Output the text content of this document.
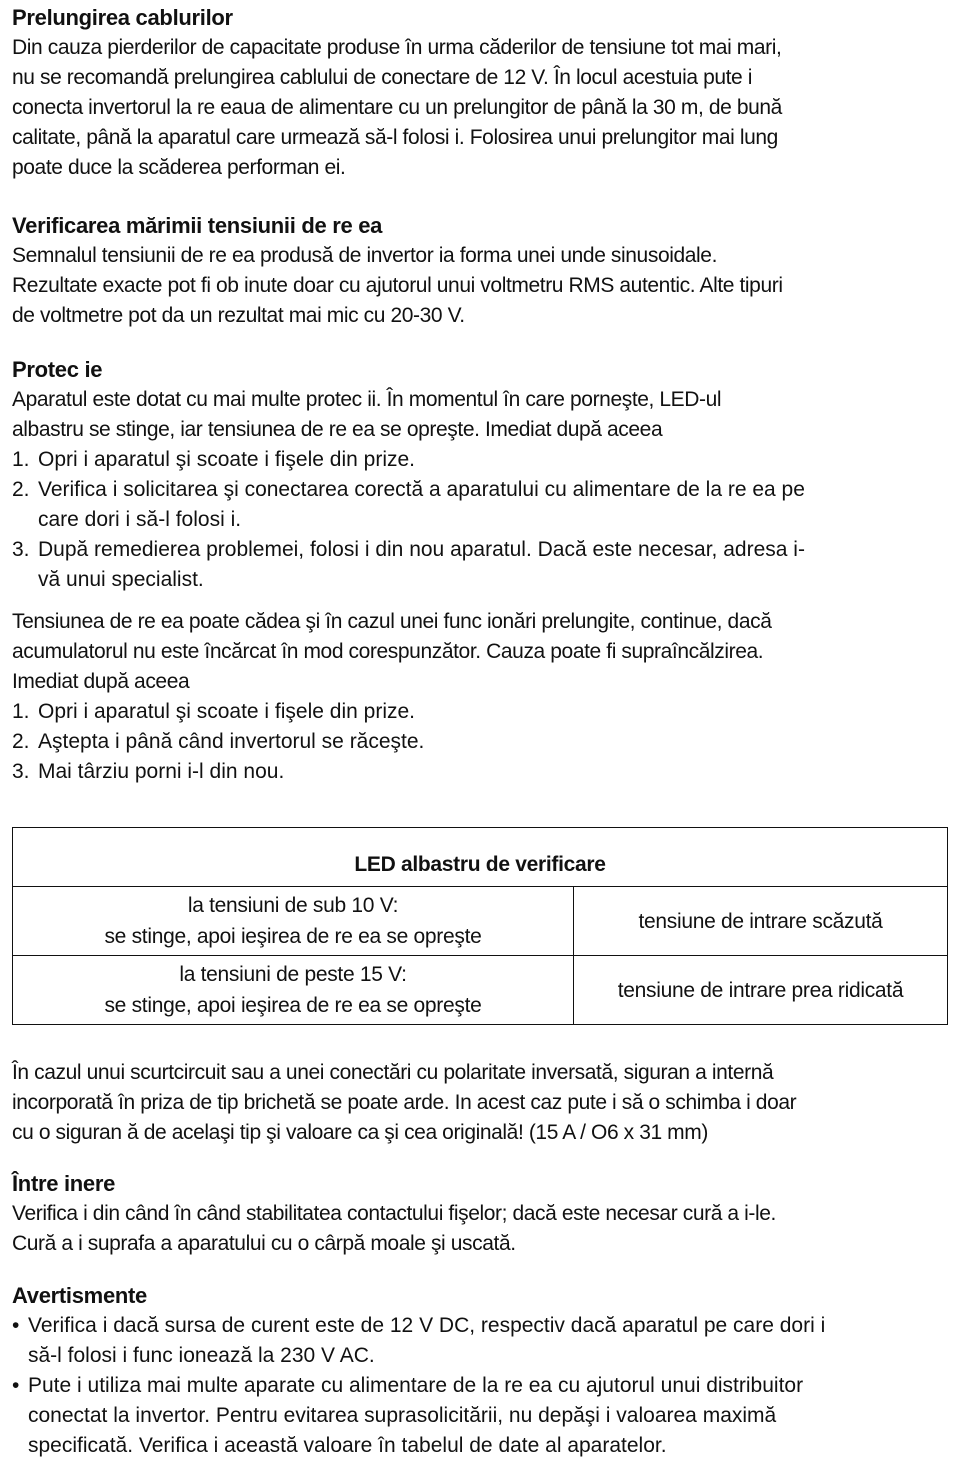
Prelungirea cablurilor

Din cauza pierderilor de capacitate produse în urma căderilor de tensiune tot mai mari,

nu se recomandă prelungirea cablului de conectare de 12 V. În locul acestuia pute i

conecta invertorul la re eaua de alimentare cu un prelungitor de până la 30 m, de bună

calitate, până la aparatul care urmează să-l folosi i. Folosirea unui prelungitor mai lung

poate duce la scăderea performan ei.

Verificarea mărimii tensiunii de re ea

Semnalul tensiunii de re ea produsă de invertor ia forma unei unde sinusoidale.

Rezultate exacte pot fi ob inute doar cu ajutorul unui voltmetru RMS autentic. Alte tipuri

de voltmetre pot da un rezultat mai mic cu 20-30 V.

Protec ie

Aparatul este dotat cu mai multe protec ii. În momentul în care porneşte, LED-ul

albastru se stinge, iar tensiunea de re ea se opreşte. Imediat după aceea

1. Opri i aparatul şi scoate i fişele din prize.
2. Verifica i solicitarea şi conectarea corectă a aparatului cu alimentare de la re ea pe
care dori i să-l folosi i.
3. După remedierea problemei, folosi i din nou aparatul. Dacă este necesar, adresa i-
vă unui specialist.

Tensiunea de re ea poate cădea şi în cazul unei func ionări prelungite, continue, dacă

acumulatorul nu este încărcat în mod corespunzător. Cauza poate fi supraîncălzirea.

Imediat după aceea

1. Opri i aparatul şi scoate i fişele din prize.
2. Aştepta i până când invertorul se răceşte.
3. Mai târziu porni i-l din nou.
LED albastru de verificare	

la tensiuni de sub 10 V:
se stinge, apoi ieşirea de re ea se opreşte	tensiune de intrare scăzută

la tensiuni de peste 15 V:
se stinge, apoi ieşirea de re ea se opreşte	tensiune de intrare prea ridicată

În cazul unui scurtcircuit sau a unei conectări cu polaritate inversată, siguran a internă

incorporată în priza de tip brichetă se poate arde. In acest caz pute i să o schimba i doar

cu o siguran ă de acelaşi tip şi valoare ca şi cea originală! (15 A / O6 x 31 mm)

Între inere

Verifica i din când în când stabilitatea contactului fişelor; dacă este necesar cură a i-le.

Cură a i suprafa a aparatului cu o cârpă moale şi uscată.

Avertismente
• Verifica i dacă sursa de curent este de 12 V DC, respectiv dacă aparatul pe care dori i
să-l folosi i func ionează la 230 V AC.
• Pute i utiliza mai multe aparate cu alimentare de la re ea cu ajutorul unui distribuitor
conectat la invertor. Pentru evitarea suprasolicitării, nu depăşi i valoarea maximă
specificată. Verifica i această valoare în tabelul de date al aparatelor.
